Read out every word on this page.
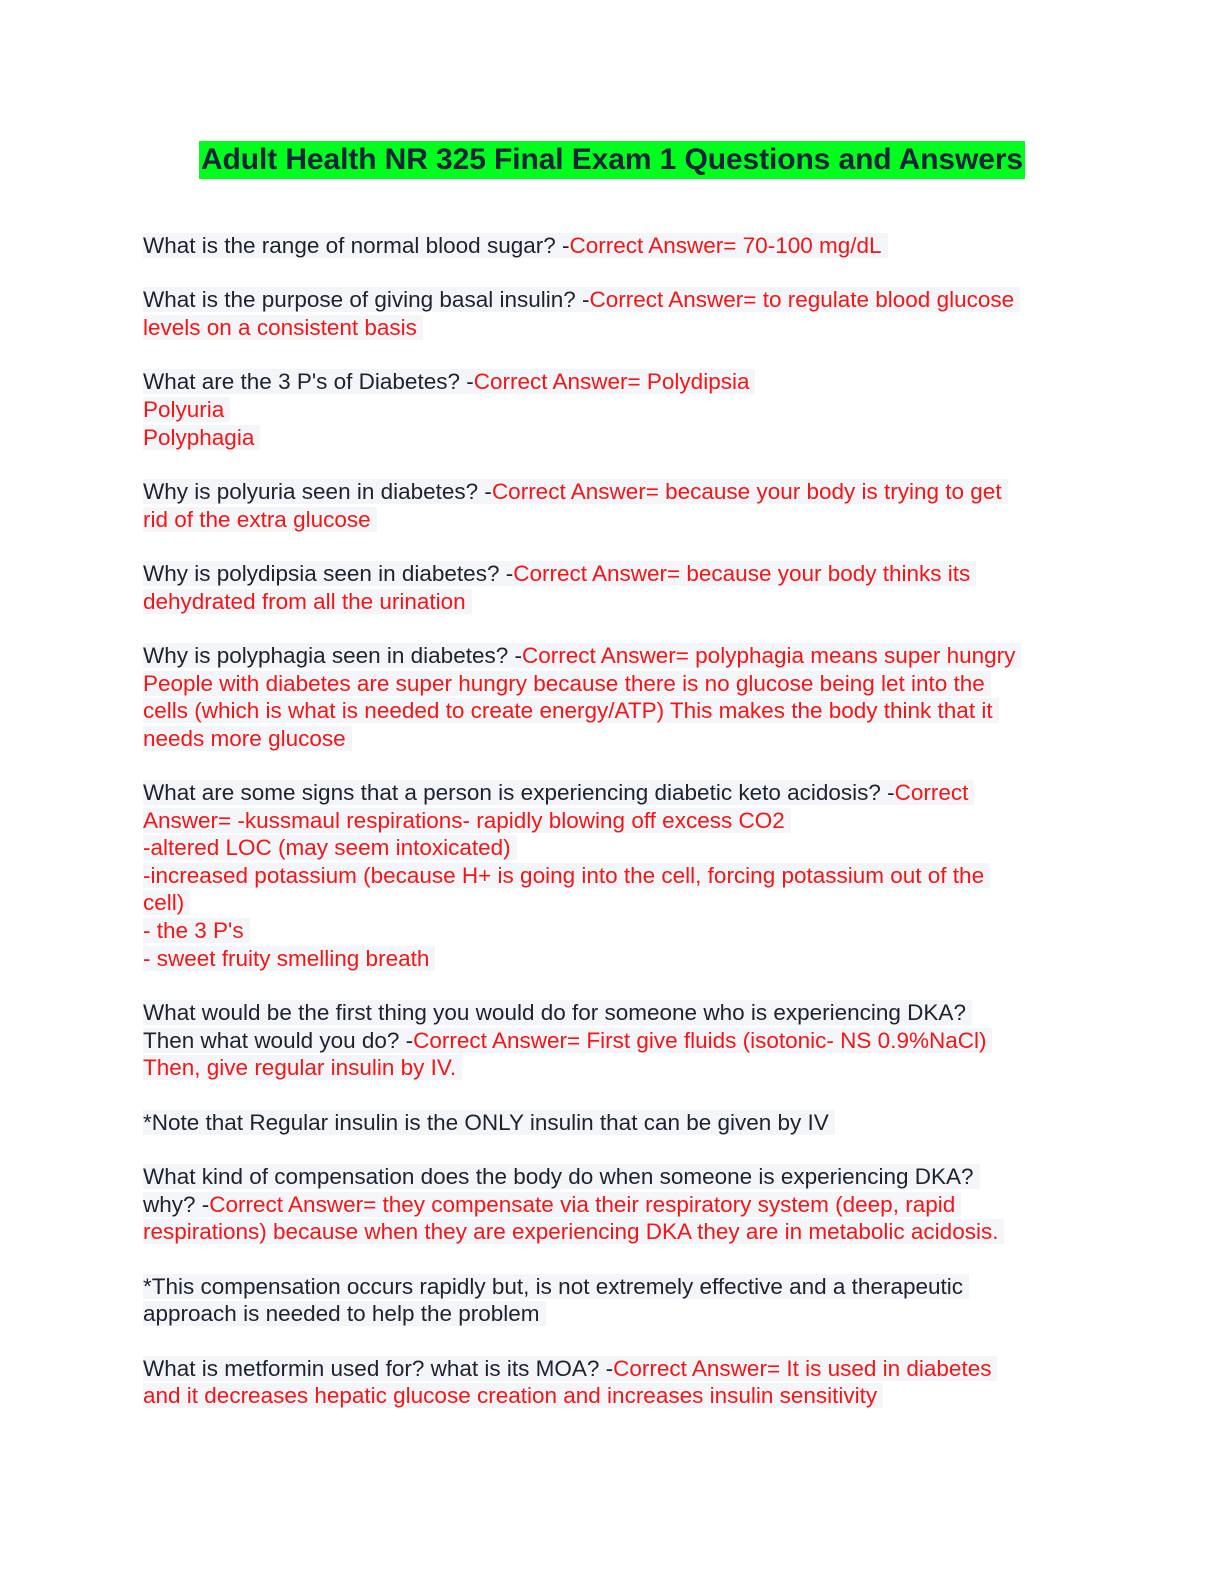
Adult Health NR 325 Final Exam 1 Questions and Answers
What is the range of normal blood sugar? -Correct Answer= 70-100 mg/dL
What is the purpose of giving basal insulin? -Correct Answer= to regulate blood glucose
levels on a consistent basis
What are the 3 P's of Diabetes? -Correct Answer= Polydipsia
Polyuria
Polyphagia
Why is polyuria seen in diabetes? -Correct Answer= because your body is trying to get
rid of the extra glucose
Why is polydipsia seen in diabetes? -Correct Answer= because your body thinks its
dehydrated from all the urination
Why is polyphagia seen in diabetes? -Correct Answer= polyphagia means super hungry
People with diabetes are super hungry because there is no glucose being let into the
cells (which is what is needed to create energy/ATP) This makes the body think that it
needs more glucose
What are some signs that a person is experiencing diabetic keto acidosis? -Correct
Answer= -kussmaul respirations- rapidly blowing off excess CO2
-altered LOC (may seem intoxicated)
-increased potassium (because H+ is going into the cell, forcing potassium out of the
cell)
- the 3 P's
- sweet fruity smelling breath
What would be the first thing you would do for someone who is experiencing DKA?
Then what would you do? -Correct Answer= First give fluids (isotonic- NS 0.9%NaCl)
Then, give regular insulin by IV.
*Note that Regular insulin is the ONLY insulin that can be given by IV
What kind of compensation does the body do when someone is experiencing DKA?
why? -Correct Answer= they compensate via their respiratory system (deep, rapid
respirations) because when they are experiencing DKA they are in metabolic acidosis.
*This compensation occurs rapidly but, is not extremely effective and a therapeutic
approach is needed to help the problem
What is metformin used for? what is its MOA? -Correct Answer= It is used in diabetes
and it decreases hepatic glucose creation and increases insulin sensitivity
